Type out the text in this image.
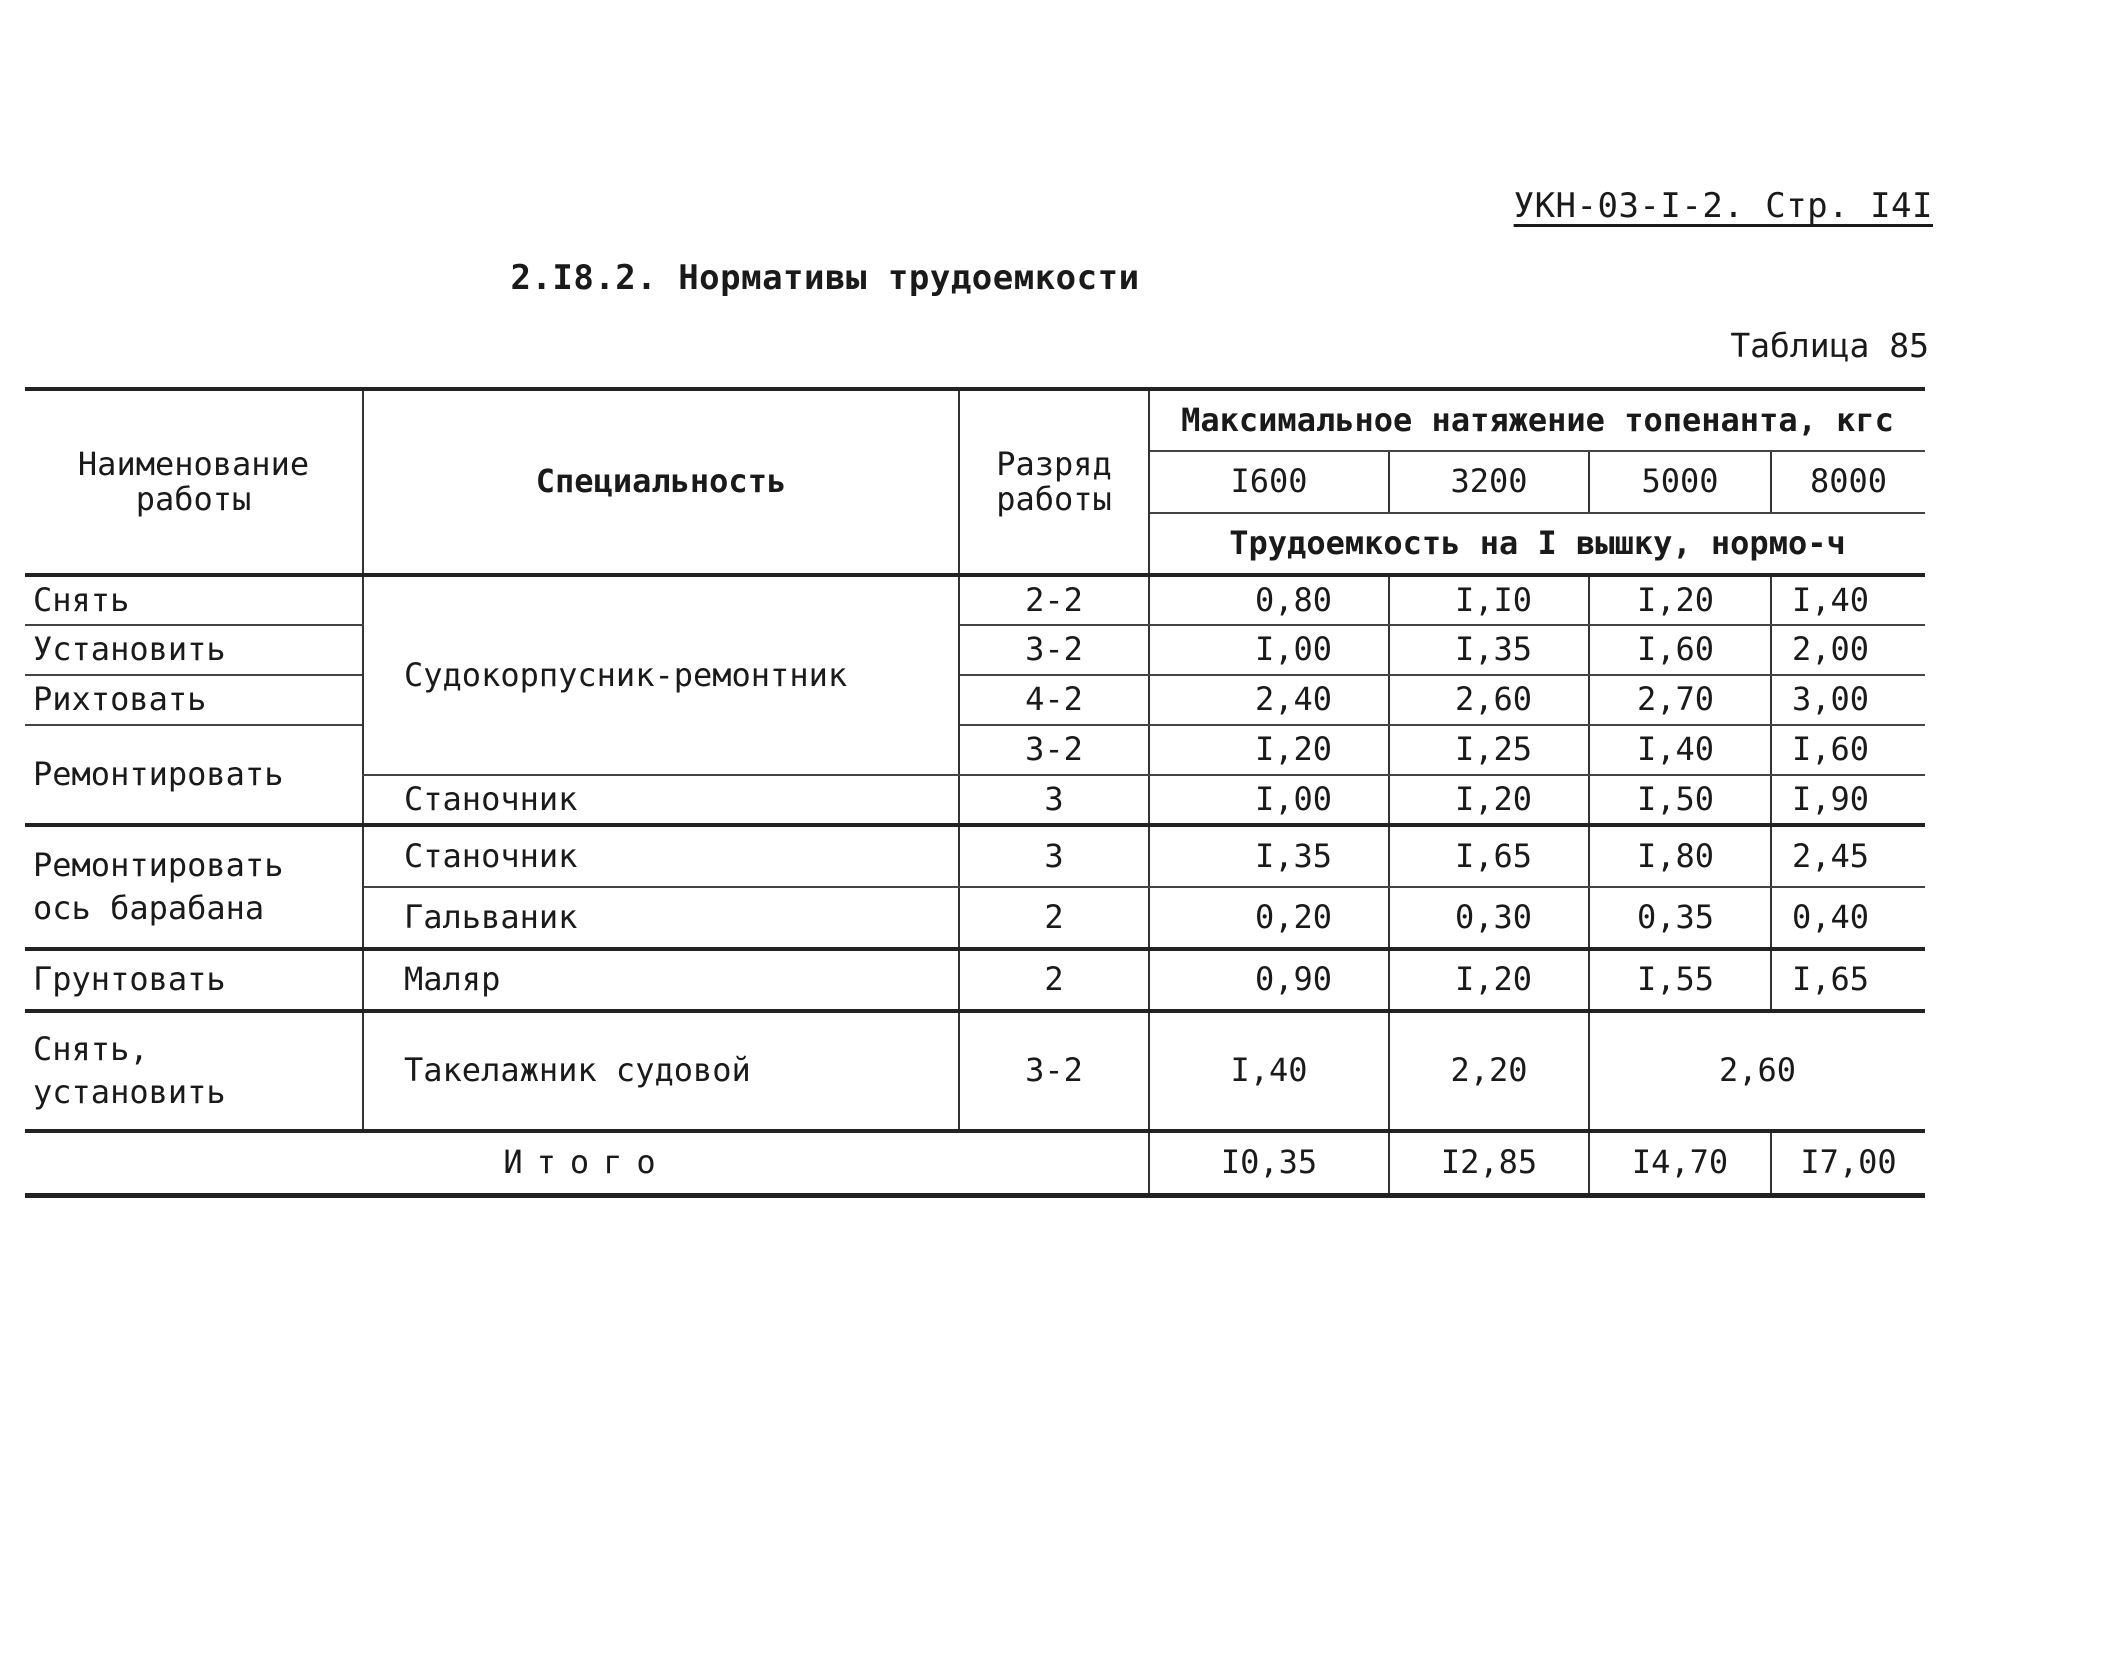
УКН-03-I-2. Стр. I4I
2.I8.2. Нормативы трудоемкости
Таблица 85
Наименование работы	Специальность	Разряд работы	Максимальное натяжение топенанта, кгс			
			I600	3200	5000	8000
			Трудоемкость на I вышку, нормо-ч			
Снять	Судокорпусник-ремонтник	2-2	0,80	I,I0	I,20	I,40
Установить		3-2	I,00	I,35	I,60	2,00
Рихтовать		4-2	2,40	2,60	2,70	3,00
Ремонтировать		3-2	I,20	I,25	I,40	I,60
	Станочник	3	I,00	I,20	I,50	I,90
Ремонтировать ось барабана	Станочник	3	I,35	I,65	I,80	2,45
	Гальваник	2	0,20	0,30	0,35	0,40
Грунтовать	Маляр	2	0,90	I,20	I,55	I,65
Снять, установить	Такелажник судовой	3-2	I,40	2,20	2,60	
Итого			I0,35	I2,85	I4,70	I7,00
